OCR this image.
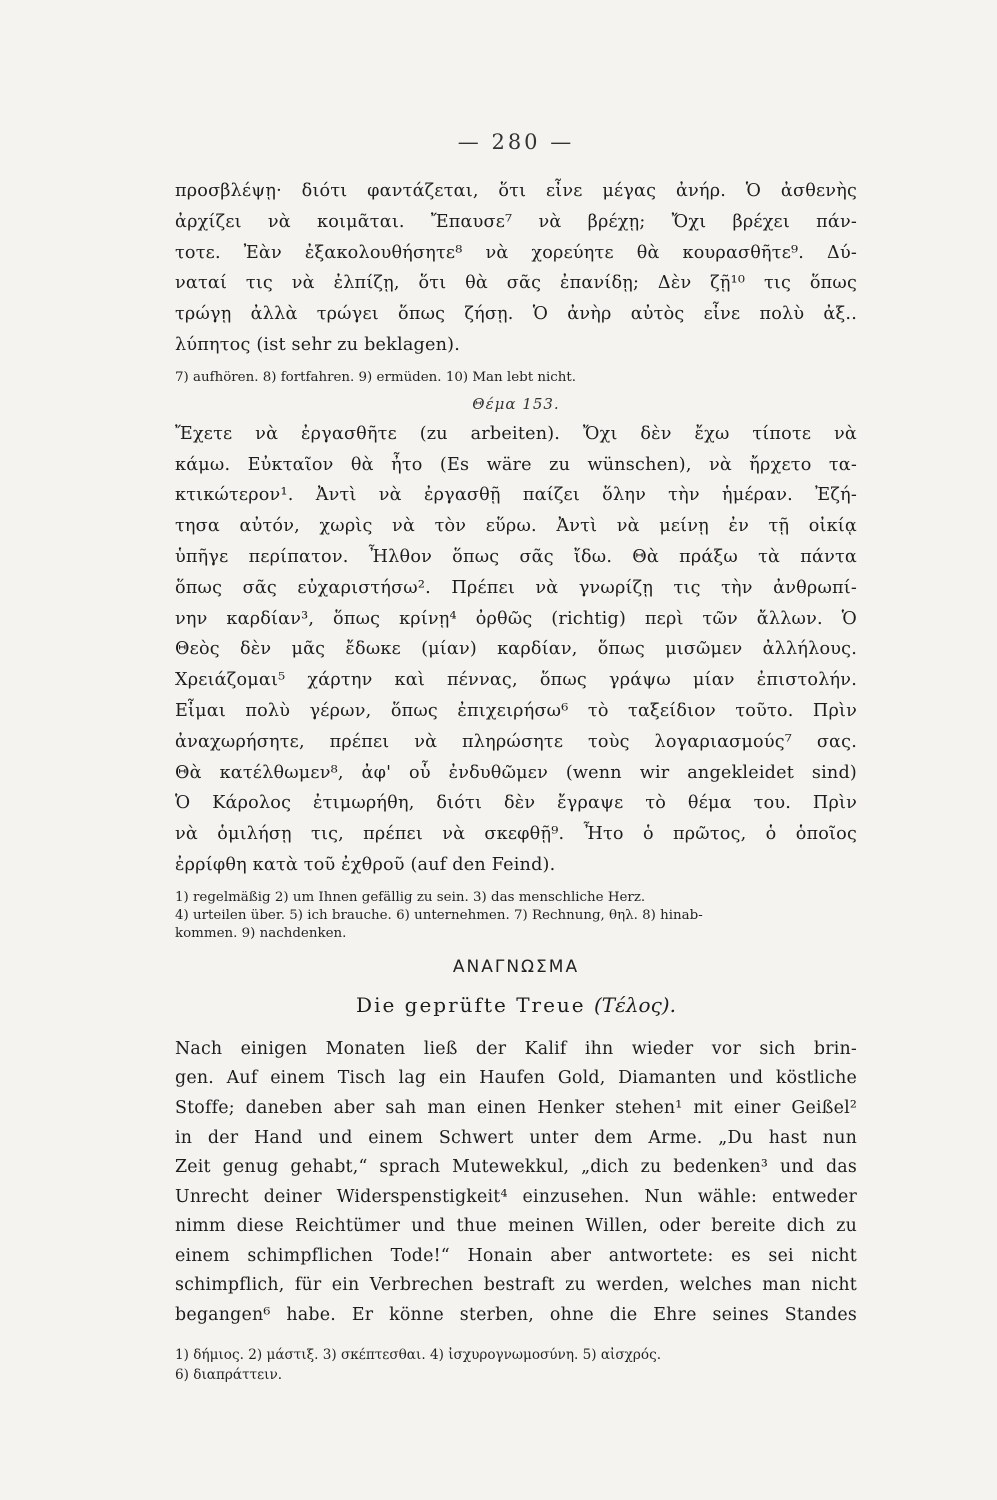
— 280 —

προσβλέψῃ· διότι φαντάζεται, ὅτι εἶνε μέγας ἀνήρ. Ὁ ἀσθενὴς
ἀρχίζει νὰ κοιμᾶται. Ἔπαυσε⁷ νὰ βρέχῃ; Ὄχι βρέχει πάν-
τοτε. Ἐὰν ἐξακολουθήσητε⁸ νὰ χορεύητε θὰ κουρασθῆτε⁹. Δύ-
ναταί τις νὰ ἐλπίζῃ, ὅτι θὰ σᾶς ἐπανίδῃ; Δὲν ζῇ¹⁰ τις ὅπως
τρώγῃ ἀλλὰ τρώγει ὅπως ζήσῃ. Ὁ ἀνὴρ αὐτὸς εἶνε πολὺ ἀξ..
λύπητος (ist sehr zu beklagen).

7) aufhören. 8) fortfahren. 9) ermüden. 10) Man lebt nicht.
Θέμα 153.

Ἔχετε νὰ ἐργασθῆτε (zu arbeiten). Ὄχι δὲν ἔχω τίποτε νὰ
κάμω. Εὐκταῖον θὰ ἦτο (Es wäre zu wünschen), νὰ ἤρχετο τα-
κτικώτερον¹. Ἀντὶ νὰ ἐργασθῇ παίζει ὅλην τὴν ἡμέραν. Ἐζή-
τησα αὐτόν, χωρὶς νὰ τὸν εὕρω. Ἀντὶ νὰ μείνῃ ἐν τῇ οἰκίᾳ
ὑπῆγε περίπατον. Ἦλθον ὅπως σᾶς ἴδω. Θὰ πράξω τὰ πάντα
ὅπως σᾶς εὐχαριστήσω². Πρέπει νὰ γνωρίζῃ τις τὴν ἀνθρωπί-
νην καρδίαν³, ὅπως κρίνῃ⁴ ὀρθῶς (richtig) περὶ τῶν ἄλλων. Ὁ
Θεὸς δὲν μᾶς ἔδωκε (μίαν) καρδίαν, ὅπως μισῶμεν ἀλλήλους.
Χρειάζομαι⁵ χάρτην καὶ πέννας, ὅπως γράψω μίαν ἐπιστολήν.
Εἶμαι πολὺ γέρων, ὅπως ἐπιχειρήσω⁶ τὸ ταξείδιον τοῦτο. Πρὶν
ἀναχωρήσητε, πρέπει νὰ πληρώσητε τοὺς λογαριασμούς⁷ σας.
Θὰ κατέλθωμεν⁸, ἀφ' οὗ ἐνδυθῶμεν (wenn wir angekleidet sind)
Ὁ Κάρολος ἐτιμωρήθη, διότι δὲν ἔγραψε τὸ θέμα του. Πρὶν
νὰ ὁμιλήσῃ τις, πρέπει νὰ σκεφθῇ⁹. Ἦτο ὁ πρῶτος, ὁ ὁποῖος
ἐρρίφθη κατὰ τοῦ ἐχθροῦ (auf den Feind).

1) regelmäßig 2) um Ihnen gefällig zu sein. 3) das menschliche Herz.
4) urteilen über. 5) ich brauche. 6) unternehmen. 7) Rechnung, θηλ. 8) hinab-
kommen. 9) nachdenken.
ΑΝΑΓΝΩΣΜΑ
Die geprüfte Treue (Τέλος).

Nach einigen Monaten ließ der Kalif ihn wieder vor sich brin-
gen. Auf einem Tisch lag ein Haufen Gold, Diamanten und köstliche
Stoffe; daneben aber sah man einen Henker stehen¹ mit einer Geißel²
in der Hand und einem Schwert unter dem Arme. „Du hast nun
Zeit genug gehabt,“ sprach Mutewekkul, „dich zu bedenken³ und das
Unrecht deiner Widerspenstigkeit⁴ einzusehen. Nun wähle: entweder
nimm diese Reichtümer und thue meinen Willen, oder bereite dich zu
einem schimpflichen Tode!“ Honain aber antwortete: es sei nicht
schimpflich, für ein Verbrechen bestraft zu werden, welches man nicht
begangen⁶ habe. Er könne sterben, ohne die Ehre seines Standes

1) δήμιος. 2) μάστιξ. 3) σκέπτεσθαι. 4) ἰσχυρογνωμοσύνη. 5) αἰσχρός.
6) διαπράττειν.
